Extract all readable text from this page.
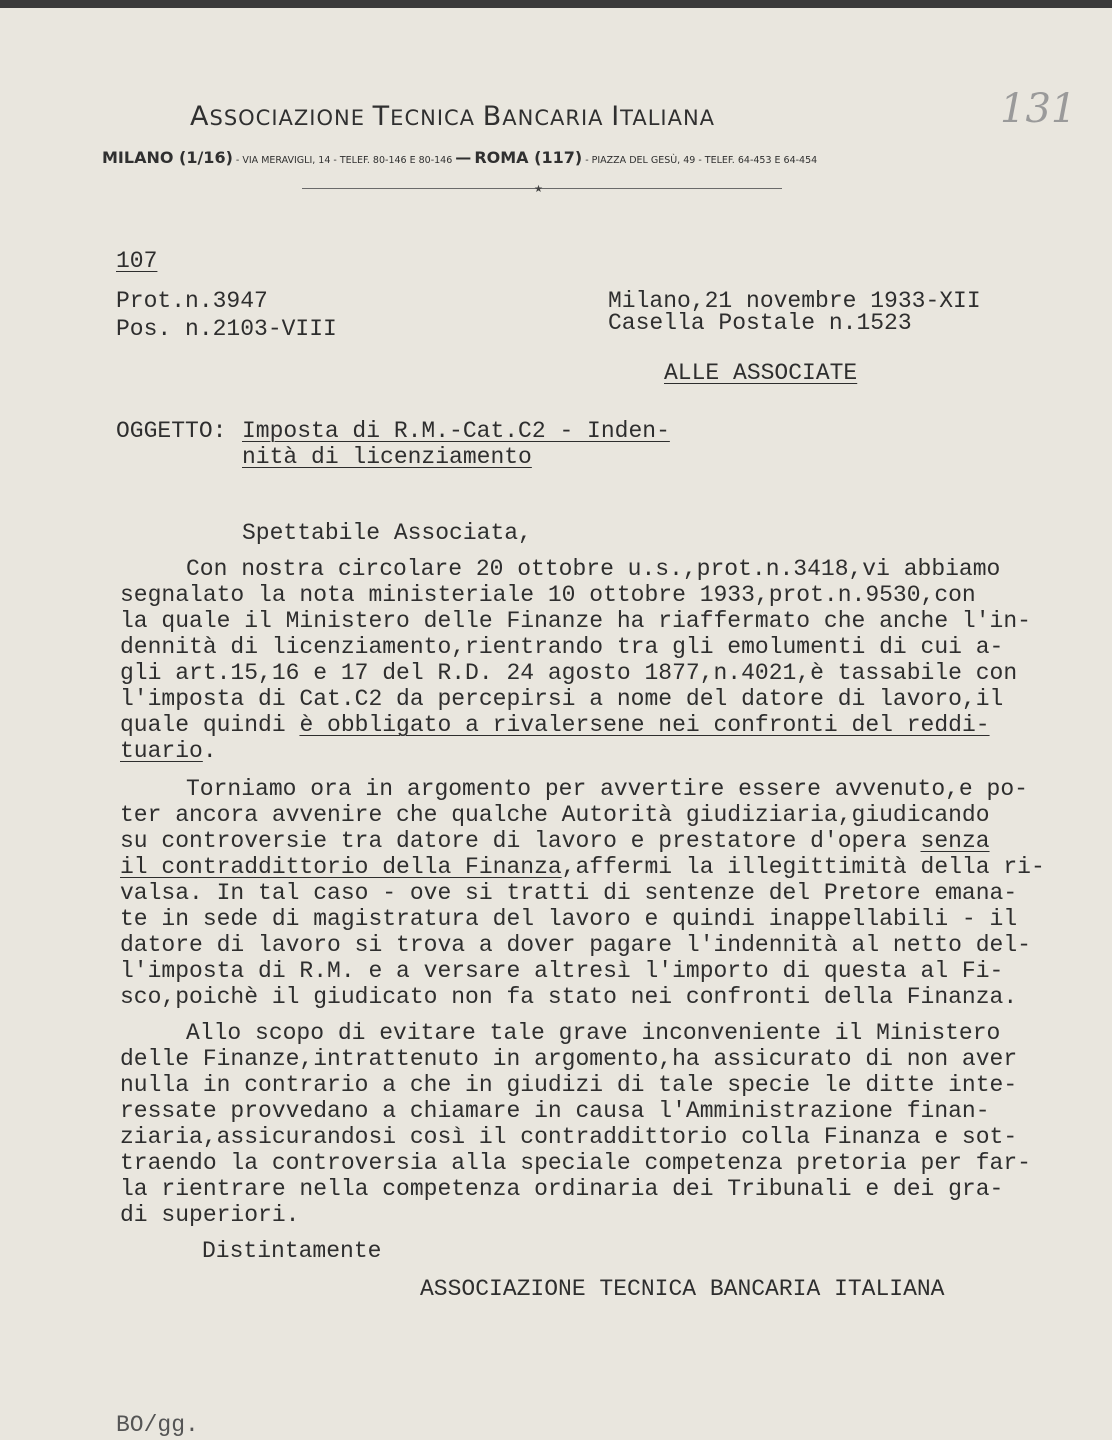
ASSOCIAZIONE TECNICA BANCARIA ITALIANA
MILANO (1/16) - VIA MERAVIGLI, 14 - TELEF. 80-146 E 80-146 — ROMA (117) - PIAZZA DEL GESÙ, 49 - TELEF. 64-453 E 64-454
★
131
107
Prot.n.3947
Pos. n.2103-VIII
Milano,21 novembre 1933-XII
Casella Postale n.1523
ALLE ASSOCIATE
OGGETTO: Imposta di R.M.-Cat.C2 - Inden-
nità di licenziamento
Spettabile Associata,
Con nostra circolare 20 ottobre u.s.,prot.n.3418,vi abbiamo
segnalato la nota ministeriale 10 ottobre 1933,prot.n.9530,con
la quale il Ministero delle Finanze ha riaffermato che anche l'in-
dennità di licenziamento,rientrando tra gli emolumenti di cui a-
gli art.15,16 e 17 del R.D. 24 agosto 1877,n.4021,è tassabile con
l'imposta di Cat.C2 da percepirsi a nome del datore di lavoro,il
quale quindi è obbligato a rivalersene nei confronti del reddi-
tuario.
Torniamo ora in argomento per avvertire essere avvenuto,e po-
ter ancora avvenire che qualche Autorità giudiziaria,giudicando
su controversie tra datore di lavoro e prestatore d'opera senza
il contraddittorio della Finanza,affermi la illegittimità della ri-
valsa. In tal caso - ove si tratti di sentenze del Pretore emana-
te in sede di magistratura del lavoro e quindi inappellabili - il
datore di lavoro si trova a dover pagare l'indennità al netto del-
l'imposta di R.M. e a versare altresì l'importo di questa al Fi-
sco,poichè il giudicato non fa stato nei confronti della Finanza.
Allo scopo di evitare tale grave inconveniente il Ministero
delle Finanze,intrattenuto in argomento,ha assicurato di non aver
nulla in contrario a che in giudizi di tale specie le ditte inte-
ressate provvedano a chiamare in causa l'Amministrazione finan-
ziaria,assicurandosi così il contraddittorio colla Finanza e sot-
traendo la controversia alla speciale competenza pretoria per far-
la rientrare nella competenza ordinaria dei Tribunali e dei gra-
di superiori.
Distintamente
ASSOCIAZIONE TECNICA BANCARIA ITALIANA
BO/gg.
